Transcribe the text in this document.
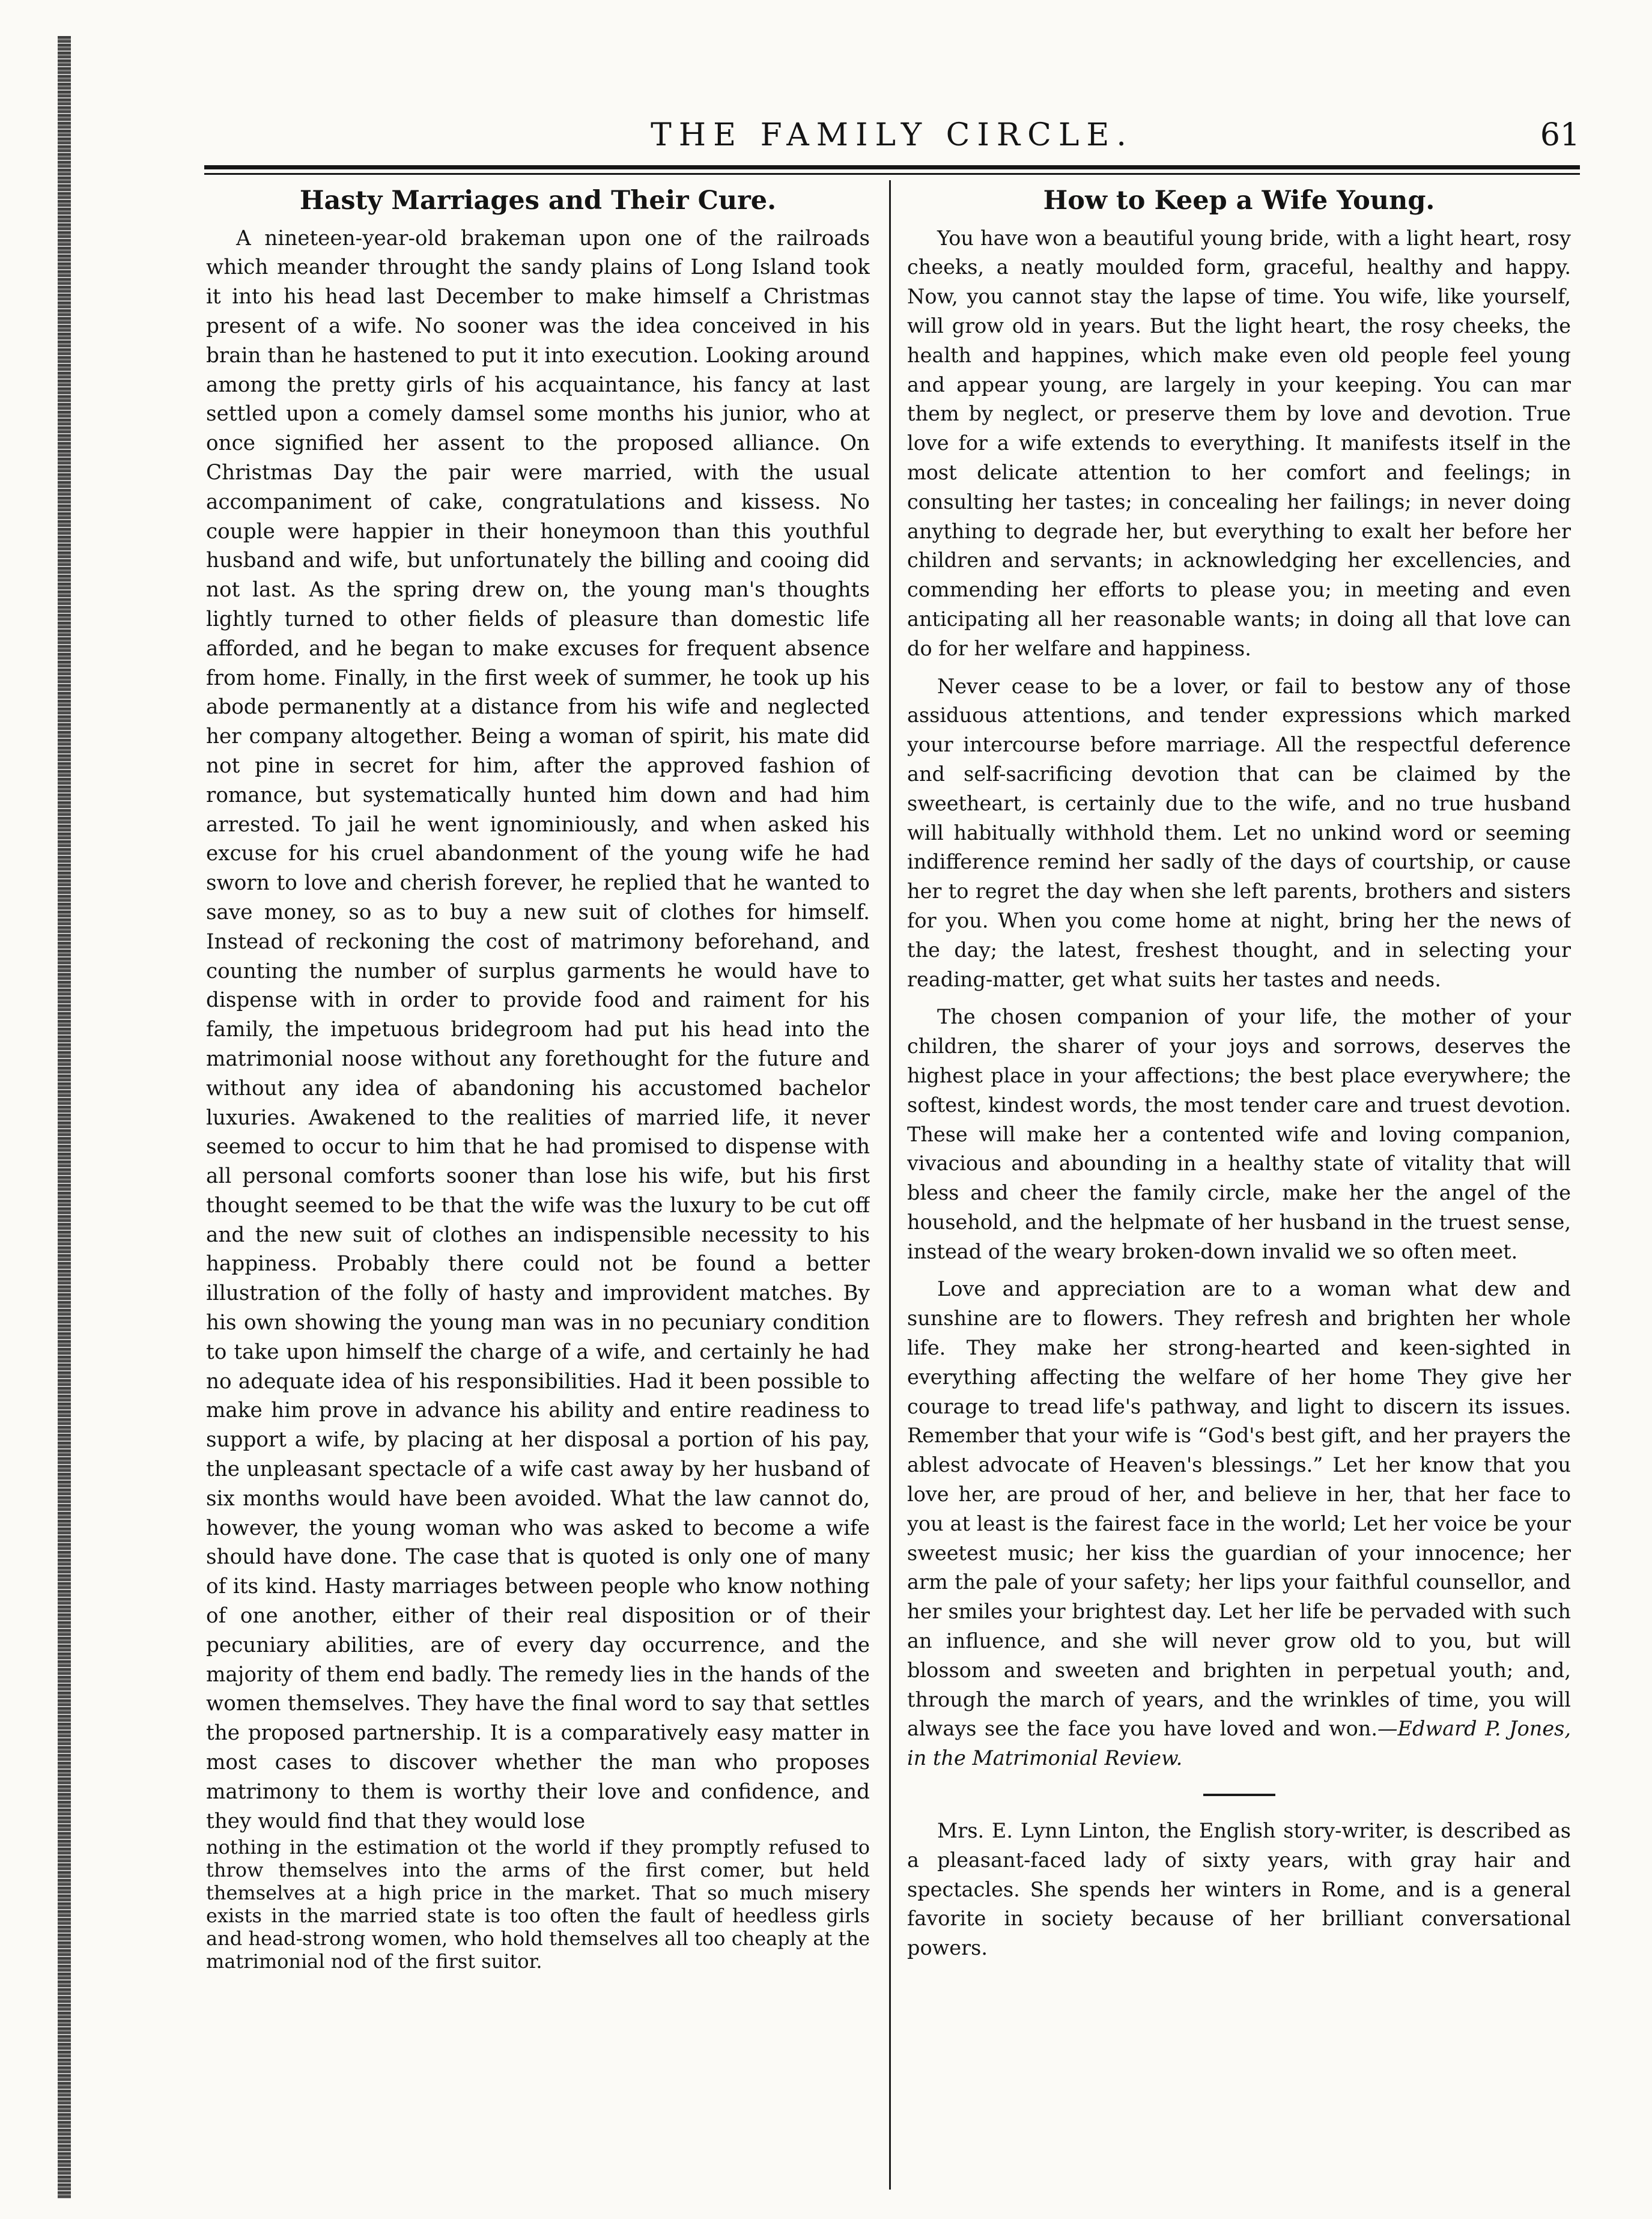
THE FAMILY CIRCLE.	61
Hasty Marriages and Their Cure.

A nineteen-year-old brakeman upon one of the railroads which meander throught the sandy plains of Long Island took it into his head last December to make himself a Christmas present of a wife. No sooner was the idea conceived in his brain than he hastened to put it into execution. Looking around among the pretty girls of his acquaintance, his fancy at last settled upon a comely damsel some months his junior, who at once signified her assent to the proposed alliance. On Christmas Day the pair were married, with the usual accompaniment of cake, congratulations and kissess. No couple were happier in their honeymoon than this youthful husband and wife, but unfortunately the billing and cooing did not last. As the spring drew on, the young man's thoughts lightly turned to other fields of pleasure than domestic life afforded, and he began to make excuses for frequent absence from home. Finally, in the first week of summer, he took up his abode permanently at a distance from his wife and neglected her company altogether. Being a woman of spirit, his mate did not pine in secret for him, after the approved fashion of romance, but systematically hunted him down and had him arrested. To jail he went ignominiously, and when asked his excuse for his cruel abandonment of the young wife he had sworn to love and cherish forever, he replied that he wanted to save money, so as to buy a new suit of clothes for himself. Instead of reckoning the cost of matrimony beforehand, and counting the number of surplus garments he would have to dispense with in order to provide food and raiment for his family, the impetuous bridegroom had put his head into the matrimonial noose without any forethought for the future and without any idea of abandoning his accustomed bachelor luxuries. Awakened to the realities of married life, it never seemed to occur to him that he had promised to dispense with all personal comforts sooner than lose his wife, but his first thought seemed to be that the wife was the luxury to be cut off and the new suit of clothes an indispensible necessity to his happiness. Probably there could not be found a better illustration of the folly of hasty and improvident matches. By his own showing the young man was in no pecuniary condition to take upon himself the charge of a wife, and certainly he had no adequate idea of his responsibilities. Had it been possible to make him prove in advance his ability and entire readiness to support a wife, by placing at her disposal a portion of his pay, the unpleasant spectacle of a wife cast away by her husband of six months would have been avoided. What the law cannot do, however, the young woman who was asked to become a wife should have done. The case that is quoted is only one of many of its kind. Hasty marriages between people who know nothing of one another, either of their real disposition or of their pecuniary abilities, are of every day occurrence, and the majority of them end badly. The remedy lies in the hands of the women themselves. They have the final word to say that settles the proposed partnership. It is a comparatively easy matter in most cases to discover whether the man who proposes matrimony to them is worthy their love and confidence, and they would find that they would lose

nothing in the estimation ot the world if they promptly refused to throw themselves into the arms of the first comer, but held themselves at a high price in the market. That so much misery exists in the married state is too often the fault of heedless girls and head-strong women, who hold themselves all too cheaply at the matrimonial nod of the first suitor.

How to Keep a Wife Young.

You have won a beautiful young bride, with a light heart, rosy cheeks, a neatly moulded form, graceful, healthy and happy. Now, you cannot stay the lapse of time. You wife, like yourself, will grow old in years. But the light heart, the rosy cheeks, the health and happines, which make even old people feel young and appear young, are largely in your keeping. You can mar them by neglect, or preserve them by love and devotion. True love for a wife extends to everything. It manifests itself in the most delicate attention to her comfort and feelings; in consulting her tastes; in concealing her failings; in never doing anything to degrade her, but everything to exalt her before her children and servants; in acknowledging her excellencies, and commending her efforts to please you; in meeting and even anticipating all her reasonable wants; in doing all that love can do for her welfare and happiness.

Never cease to be a lover, or fail to bestow any of those assiduous attentions, and tender expressions which marked your intercourse before marriage. All the respectful deference and self-sacrificing devotion that can be claimed by the sweetheart, is certainly due to the wife, and no true husband will habitually withhold them. Let no unkind word or seeming indifference remind her sadly of the days of courtship, or cause her to regret the day when she left parents, brothers and sisters for you. When you come home at night, bring her the news of the day; the latest, freshest thought, and in selecting your reading-matter, get what suits her tastes and needs.

The chosen companion of your life, the mother of your children, the sharer of your joys and sorrows, deserves the highest place in your affections; the best place everywhere; the softest, kindest words, the most tender care and truest devotion. These will make her a contented wife and loving companion, vivacious and abounding in a healthy state of vitality that will bless and cheer the family circle, make her the angel of the household, and the helpmate of her husband in the truest sense, instead of the weary broken-down invalid we so often meet.

Love and appreciation are to a woman what dew and sunshine are to flowers. They refresh and brighten her whole life. They make her strong-hearted and keen-sighted in everything affecting the welfare of her home They give her courage to tread life's pathway, and light to discern its issues. Remember that your wife is “God's best gift, and her prayers the ablest advocate of Heaven's blessings.” Let her know that you love her, are proud of her, and believe in her, that her face to you at least is the fairest face in the world; Let her voice be your sweetest music; her kiss the guardian of your innocence; her arm the pale of your safety; her lips your faithful counsellor, and her smiles your brightest day. Let her life be pervaded with such an influence, and she will never grow old to you, but will blossom and sweeten and brighten in perpetual youth; and, through the march of years, and the wrinkles of time, you will always see the face you have loved and won.—Edward P. Jones, in the Matrimonial Review.

Mrs. E. Lynn Linton, the English story-writer, is described as a pleasant-faced lady of sixty years, with gray hair and spectacles. She spends her winters in Rome, and is a general favorite in society because of her brilliant conversational powers.
